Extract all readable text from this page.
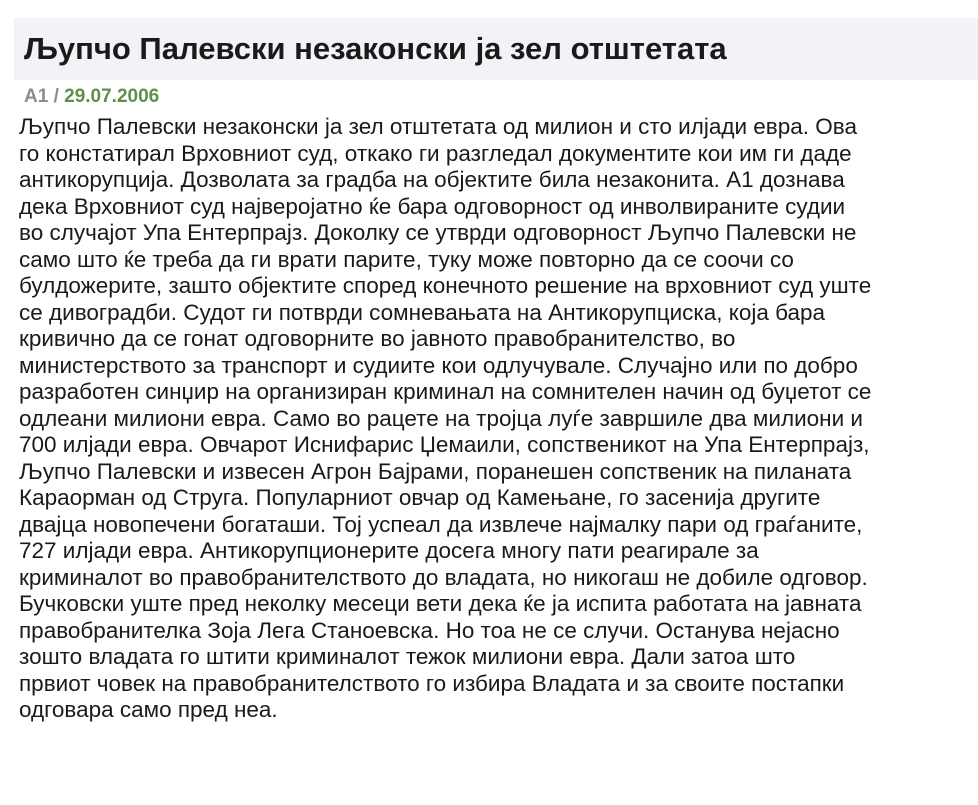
Љупчо Палевски незаконски ја зел отштетата
А1 / 29.07.2006
Љупчо Палевски незаконски ја зел отштетата од милион и сто илјади евра. Ова
го констатирал Врховниот суд, откако ги разгледал документите кои им ги даде
антикорупција. Дозволата за градба на објектите била незаконита. А1 дознава
дека Врховниот суд најверојатно ќе бара одговорност од инволвираните судии
во случајот Упа Ентерпрајз. Доколку се утврди одговорност Љупчо Палевски не
само што ќе треба да ги врати парите, туку може повторно да се соочи со
булдожерите, зашто објектите според конечното решение на врховниот суд уште
се дивоградби. Судот ги потврди сомневањата на Антикорупциска, која бара
кривично да се гонат одговорните во јавното правобранителство, во
министерството за транспорт и судиите кои одлучувале. Случајно или по добро
разработен синџир на организиран криминал на сомнителен начин од буџетот се
одлеани милиони евра. Само во рацете на тројца луѓе завршиле два милиони и
700 илјади евра. Овчарот Иснифарис Џемаили, сопственикот на Упа Ентерпрајз,
Љупчо Палевски и извесен Агрон Бајрами, поранешен сопственик на пиланата
Караорман од Струга. Популарниот овчар од Камењане, го засенија другите
двајца новопечени богаташи. Тој успеал да извлече најмалку пари од граѓаните,
727 илјади евра. Антикорупционерите досега многу пати реагирале за
криминалот во правобранителството до владата, но никогаш не добиле одговор.
Бучковски уште пред неколку месеци вети дека ќе ја испита работата на јавната
правобранителка Зоја Лега Станоевска. Но тоа не се случи. Останува нејасно
зошто владата го штити криминалот тежок милиони евра. Дали затоа што
првиот човек на правобранителството го избира Владата и за своите постапки
одговара само пред неа.
